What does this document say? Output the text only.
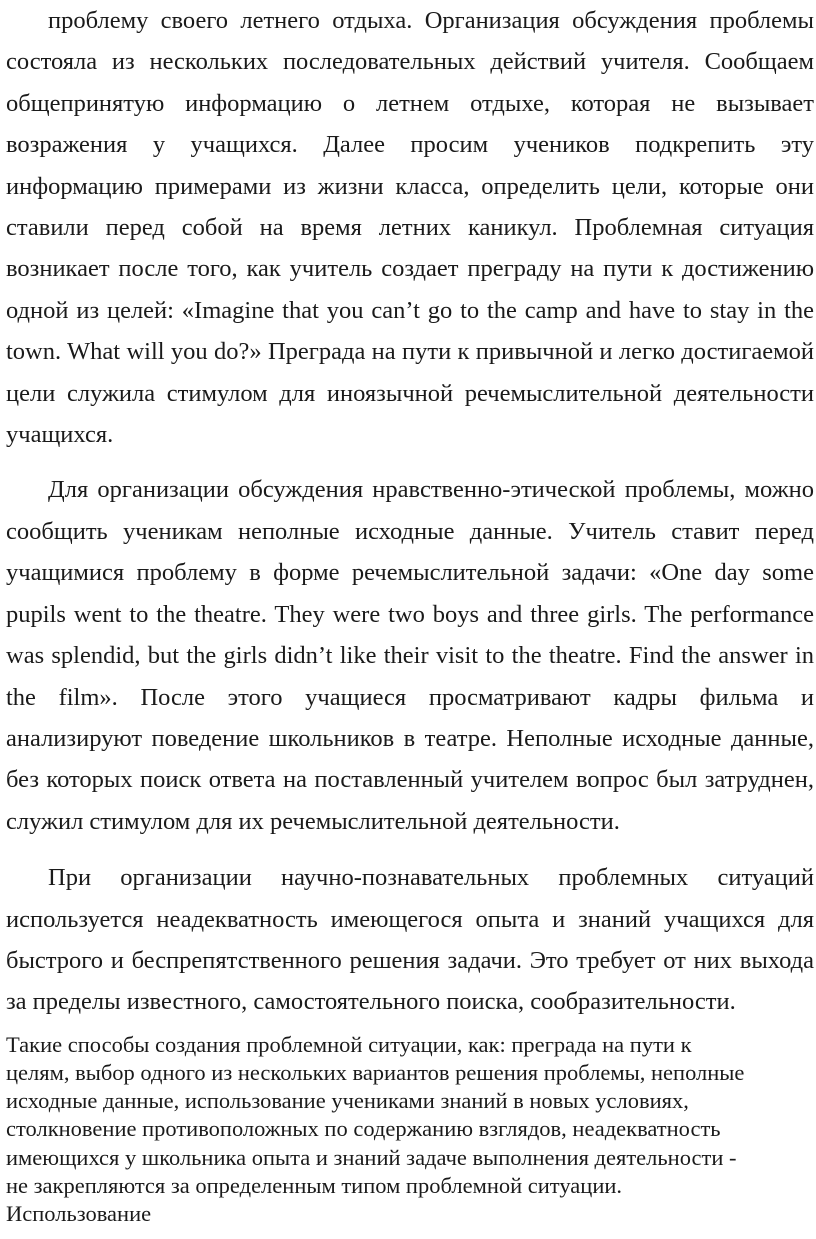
проблему своего летнего отдыха. Организация обсуждения проблемы состояла из нескольких последовательных действий учителя. Сообщаем общепринятую информацию о летнем отдыхе, которая не вызывает возражения у учащихся. Далее просим учеников подкрепить эту информацию примерами из жизни класса, определить цели, которые они ставили перед собой на время летних каникул. Проблемная ситуация возникает после того, как учитель создает преграду на пути к достижению одной из целей: «Imagine that you can’t go to the camp and have to stay in the town. What will you do?» Преграда на пути к привычной и легко достигаемой цели служила стимулом для иноязычной речемыслительной деятельности учащихся.

Для организации обсуждения нравственно-этической проблемы, можно сообщить ученикам неполные исходные данные. Учитель ставит перед учащимися проблему в форме речемыслительной задачи: «One day some pupils went to the theatre. They were two boys and three girls. The performance was splendid, but the girls didn’t like their visit to the theatre. Find the answer in the film». После этого учащиеся просматривают кадры фильма и анализируют поведение школьников в театре. Неполные исходные данные, без которых поиск ответа на поставленный учителем вопрос был затруднен, служил стимулом для их речемыслительной деятельности.

При организации научно-познавательных проблемных ситуаций используется неадекватность имеющегося опыта и знаний учащихся для быстрого и беспрепятственного решения задачи. Это требует от них выхода за пределы известного, самостоятельного поиска, сообразительности.

Такие способы создания проблемной ситуации, как: преграда на пути к
целям, выбор одного из нескольких вариантов решения проблемы, неполные
исходные данные, использование учениками знаний в новых условиях,
столкновение противоположных по содержанию взглядов, неадекватность
имеющихся у школьника опыта и знаний задаче выполнения деятельности -
не закрепляются за определенным типом проблемной ситуации.
Использование
